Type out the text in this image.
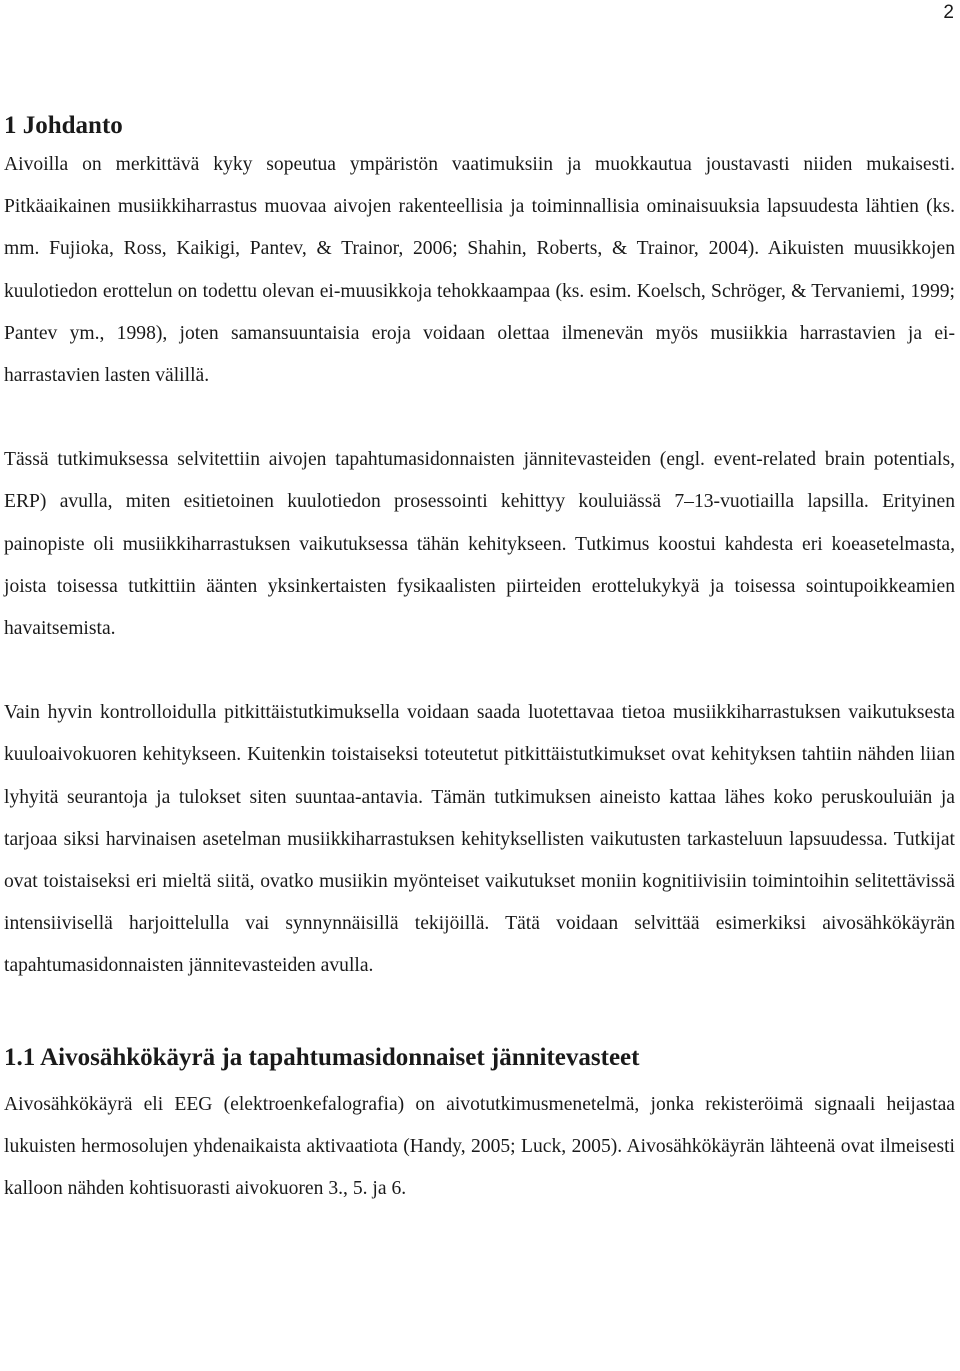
2
1 Johdanto

Aivoilla on merkittävä kyky sopeutua ympäristön vaatimuksiin ja muokkautua joustavasti niiden mukaisesti. Pitkäaikainen musiikkiharrastus muovaa aivojen rakenteellisia ja toiminnallisia ominaisuuksia lapsuudesta lähtien (ks. mm. Fujioka, Ross, Kaikigi, Pantev, & Trainor, 2006; Shahin, Roberts, & Trainor, 2004). Aikuisten muusikkojen kuulotiedon erottelun on todettu olevan ei-muusikkoja tehokkaampaa (ks. esim. Koelsch, Schröger, & Tervaniemi, 1999; Pantev ym., 1998), joten samansuuntaisia eroja voidaan olettaa ilmenevän myös musiikkia harrastavien ja ei-harrastavien lasten välillä.

Tässä tutkimuksessa selvitettiin aivojen tapahtumasidonnaisten jännitevasteiden (engl. event-related brain potentials, ERP) avulla, miten esitietoinen kuulotiedon prosessointi kehittyy kouluiässä 7–13-vuotiailla lapsilla. Erityinen painopiste oli musiikkiharrastuksen vaikutuksessa tähän kehitykseen. Tutkimus koostui kahdesta eri koeasetelmasta, joista toisessa tutkittiin äänten yksinkertaisten fysikaalisten piirteiden erottelukykyä ja toisessa sointupoikkeamien havaitsemista.

Vain hyvin kontrolloidulla pitkittäistutkimuksella voidaan saada luotettavaa tietoa musiikkiharrastuksen vaikutuksesta kuuloaivokuoren kehitykseen. Kuitenkin toistaiseksi toteutetut pitkittäistutkimukset ovat kehityksen tahtiin nähden liian lyhyitä seurantoja ja tulokset siten suuntaa-antavia. Tämän tutkimuksen aineisto kattaa lähes koko peruskouluiän ja tarjoaa siksi harvinaisen asetelman musiikkiharrastuksen kehityksellisten vaikutusten tarkasteluun lapsuudessa. Tutkijat ovat toistaiseksi eri mieltä siitä, ovatko musiikin myönteiset vaikutukset moniin kognitiivisiin toimintoihin selitettävissä intensiivisellä harjoittelulla vai synnynnäisillä tekijöillä. Tätä voidaan selvittää esimerkiksi aivosähkökäyrän tapahtumasidonnaisten jännitevasteiden avulla.

1.1 Aivosähkökäyrä ja tapahtumasidonnaiset jännitevasteet

Aivosähkökäyrä eli EEG (elektroenkefalografia) on aivotutkimusmenetelmä, jonka rekisteröimä signaali heijastaa lukuisten hermosolujen yhdenaikaista aktivaatiota (Handy, 2005; Luck, 2005). Aivosähkökäyrän lähteenä ovat ilmeisesti kalloon nähden kohtisuorasti aivokuoren 3., 5. ja 6.
